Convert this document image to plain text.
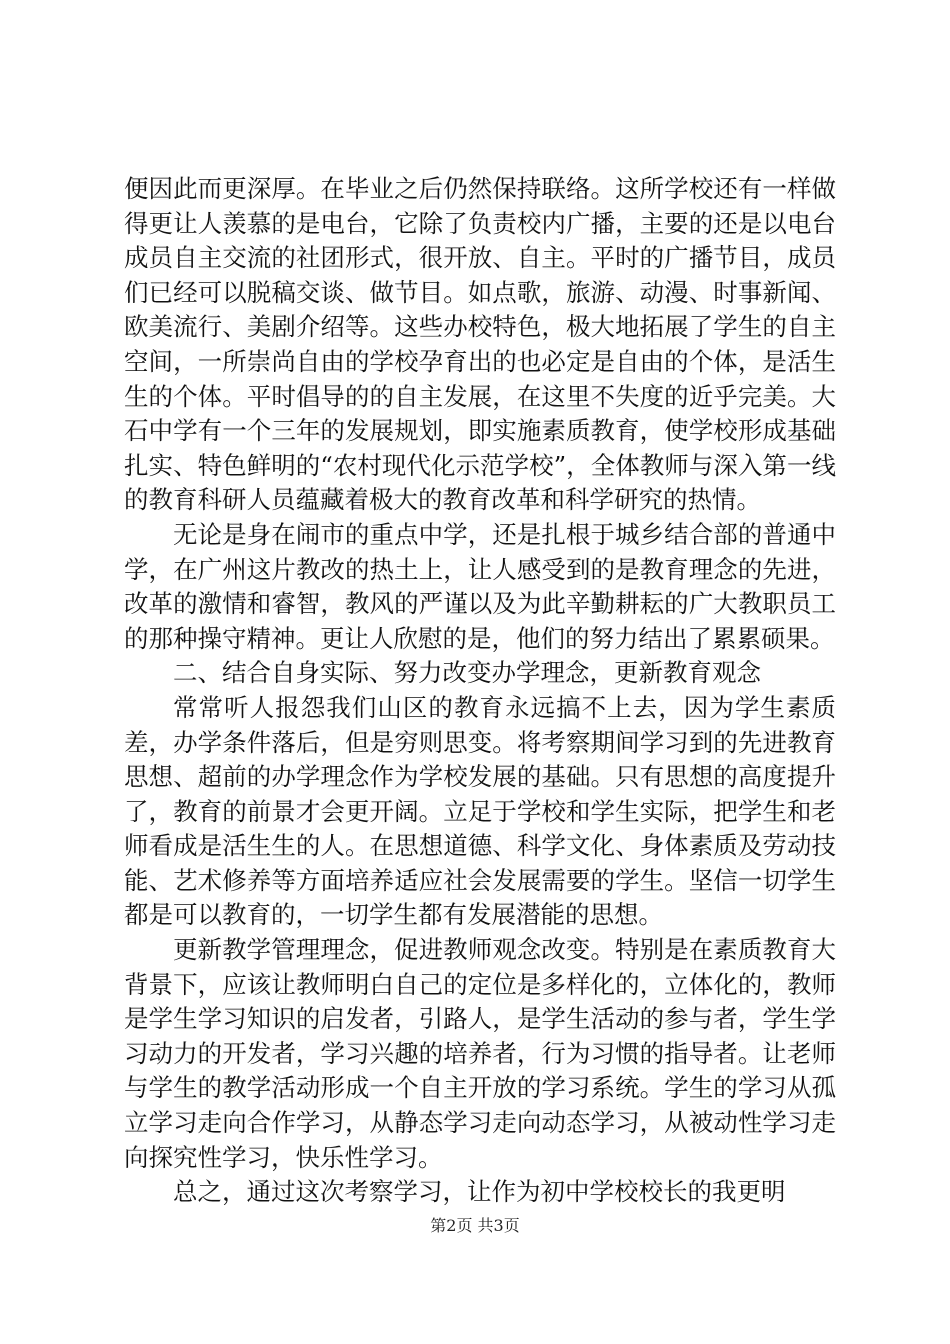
便因此而更深厚。在毕业之后仍然保持联络。这所学校还有一样做得更让人羡慕的是电台，它除了负责校内广播，主要的还是以电台成员自主交流的社团形式，很开放、自主。平时的广播节目，成员们已经可以脱稿交谈、做节目。如点歌，旅游、动漫、时事新闻、欧美流行、美剧介绍等。这些办校特色，极大地拓展了学生的自主空间，一所崇尚自由的学校孕育出的也必定是自由的个体，是活生生的个体。平时倡导的的自主发展，在这里不失度的近乎完美。大石中学有一个三年的发展规划，即实施素质教育，使学校形成基础扎实、特色鲜明的“农村现代化示范学校”，全体教师与深入第一线的教育科研人员蕴藏着极大的教育改革和科学研究的热情。

无论是身在闹市的重点中学，还是扎根于城乡结合部的普通中学，在广州这片教改的热土上，让人感受到的是教育理念的先进，改革的激情和睿智，教风的严谨以及为此辛勤耕耘的广大教职员工的那种操守精神。更让人欣慰的是，他们的努力结出了累累硕果。

二、结合自身实际、努力改变办学理念，更新教育观念

常常听人报怨我们山区的教育永远搞不上去，因为学生素质差，办学条件落后，但是穷则思变。将考察期间学习到的先进教育思想、超前的办学理念作为学校发展的基础。只有思想的高度提升了，教育的前景才会更开阔。立足于学校和学生实际，把学生和老师看成是活生生的人。在思想道德、科学文化、身体素质及劳动技能、艺术修养等方面培养适应社会发展需要的学生。坚信一切学生都是可以教育的，一切学生都有发展潜能的思想。

更新教学管理理念，促进教师观念改变。特别是在素质教育大背景下，应该让教师明白自己的定位是多样化的，立体化的，教师是学生学习知识的启发者，引路人，是学生活动的参与者，学生学习动力的开发者，学习兴趣的培养者，行为习惯的指导者。让老师与学生的教学活动形成一个自主开放的学习系统。学生的学习从孤立学习走向合作学习，从静态学习走向动态学习，从被动性学习走向探究性学习，快乐性学习。

总之，通过这次考察学习，让作为初中学校校长的我更明

第2页 共3页
